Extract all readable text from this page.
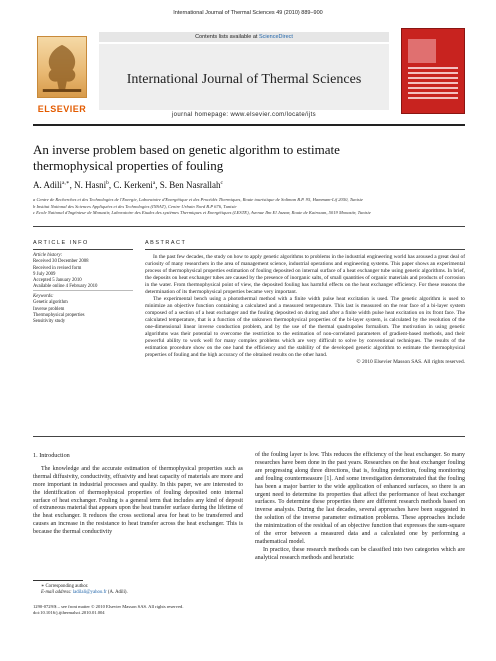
International Journal of Thermal Sciences 49 (2010) 889–900
ELSEVIER
Contents lists available at ScienceDirect
International Journal of Thermal Sciences
journal homepage: www.elsevier.com/locate/ijts
An inverse problem based on genetic algorithm to estimate
thermophysical properties of fouling
A. Adili$^{a,∗}$, N. Hasni$^b$, C. Kerkeni$^a$, S. Ben Nasrallah$^c$
a Centre de Recherches et des Technologies de l'Energie, Laboratoire d'Energétique et des Procédés Thermiques, Route touristique de Soliman B.P. 95, Hammam-Lif 2050, Tunisie
b Institut National des Sciences Appliquées et des Technologies (INSAT), Centre Urbain Nord B.P 676, Tunisie
c Ecole National d'Ingénieur de Monastir, Laboratoire des Etudes des systèmes Thermiques et Energétiques (LESTE), Avenue Ibn El Jazzar, Route de Kairouan, 5019 Monastir, Tunisie
ARTICLE INFO	ABSTRACT
Article history:
Received 30 December 2008
Received in revised form
9 July 2009
Accepted 5 January 2010
Available online 4 February 2010
Keywords:
Genetic algorithm
Inverse problem
Thermophysical properties
Sensitivity study

In the past few decades, the study on how to apply genetic algorithms to problems in the industrial engineering world has aroused a great deal of curiosity of many researchers in the area of management science, industrial operations and engineering systems. This paper shows an experimental process of thermophysical properties estimation of fouling deposited on internal surface of a heat exchanger tube using genetic algorithms. In brief, the deposits on heat exchanger tubes are caused by the presence of inorganic salts, of small quantities of organic materials and products of corrosion in the water. From thermophysical point of view, the deposited fouling has harmful effects on the heat exchanger efficiency. For these reasons the determination of its thermophysical properties became very important.

The experimental bench using a photothermal method with a finite width pulse heat excitation is used. The genetic algorithm is used to minimize an objective function containing a calculated and a measured temperature. This last is measured on the rear face of a bi-layer system composed of a section of a heat exchanger and the fouling deposited on during and after a finite width pulse heat excitation on its front face. The calculated temperature, that is a function of the unknown thermophysical properties of the bi-layer system, is calculated by the resolution of the one-dimensional linear inverse conduction problem, and by the use of the thermal quadrupoles formalism. The motivation in using genetic algorithms was their potential to overcome the restriction to the estimation of non-correlated parameters of gradient-based methods, and their powerful ability to work well for many complex problems which are very difficult to solve by conventional techniques. The results of the estimation procedure show on the one hand the efficiency and the stability of the developed genetic algorithm to estimate the thermophysical properties of fouling and the high accuracy of the obtained results on the other hand.

© 2010 Elsevier Masson SAS. All rights reserved.
1. Introduction

The knowledge and the accurate estimation of thermophysical properties such as thermal diffusivity, conductivity, effusivity and heat capacity of materials are more and more important in industrial processes and quality. In this paper, we are interested to the identification of thermophysical properties of fouling deposited onto internal surface of heat exchanger. Fouling is a general term that includes any kind of deposit of extraneous material that appears upon the heat transfer surface during the lifetime of the heat exchanger. It reduces the cross sectional area for heat to be transferred and causes an increase in the resistance to heat transfer across the heat exchanger. This is because the thermal conductivity

of the fouling layer is low. This reduces the efficiency of the heat exchanger. So many researches have been done in the past years. Researches on the heat exchanger fouling are progressing along three directions, that is, fouling prediction, fouling monitoring and fouling countermeasure [1]. And some investigation demonstrated that the fouling has been a major barrier to the wide application of enhanced surfaces, so there is an urgent need to determine its properties that affect the performance of heat exchanger surfaces. To determine these properties there are different research methods based on inverse analysis. During the last decades, several approaches have been suggested in the solution of the inverse parameter estimation problems. These approaches include the minimization of the residual of an objective function that expresses the sum-square of the error between a measured data and a calculated one by performing a mathematical model.

In practice, these research methods can be classified into two categories which are analytical research methods and heuristic

∗ Corresponding author.
E-mail address: ladilali@yahoo.fr (A. Adili).
1290-0729/$ – see front matter © 2010 Elsevier Masson SAS. All rights reserved.
doi:10.1016/j.ijthermalsci.2010.01.004
